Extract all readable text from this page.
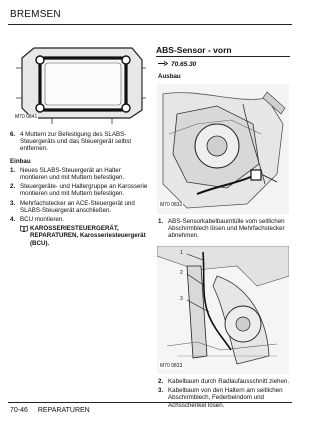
BREMSEN
M70 0841
6. 4 Muttern zur Befestigung des SLABS-Steuergeräts und das Steuergerät selbst entfernen.
Einbau
1. Neues SLABS-Steuergerät an Halter montieren und mit Muttern befestigen.
2. Steuergeräte- und Haltergruppe an Karosserie montieren und mit Muttern befestigen.
3. Mehrfachstecker an ACE-Steuergerät und SLABS-Steuergerät anschließen.
4. BCU montieren.
KAROSSERIESTEUERGERÄT, REPARATUREN, Karosseriesteuergerät (BCU).
ABS-Sensor - vorn
70.65.30
Ausbau
M70 0832
1. ABS-Sensorkabelbaumtülle vom seitlichen Abschirmblech lösen und Mehrfachstecker abnehmen.
1
2
3
M70 0833
2. Kabelbaum durch Radlaufausschnitt ziehen.
3. Kabelbaum von den Haltern am seitlichen Abschirmblech, Federbeindom und Achsschenkel lösen.
70-46 REPARATUREN
